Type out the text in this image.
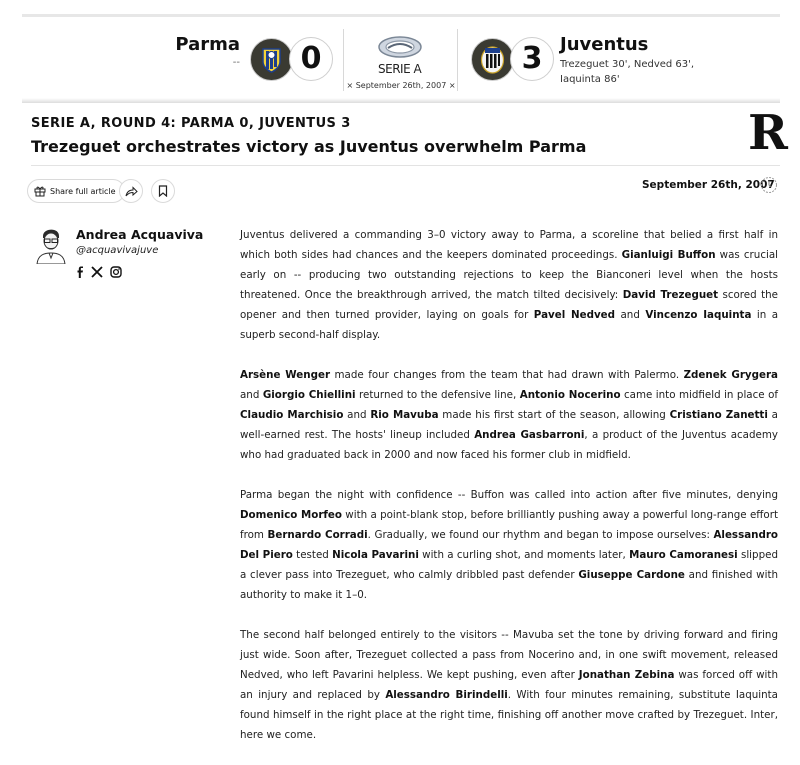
Parma
--	0	SERIE A
× September 26th, 2007 ×
3 Juventus
Trezeguet 30', Nedved 63', Iaquinta 86'
SERIE A, ROUND 4: PARMA 0, JUVENTUS 3
Trezeguet orchestrates victory as Juventus overwhelm Parma	R
Share full article	September 26th, 2007
Andrea Acquaviva
@acquavivajuve

Juventus delivered a commanding 3–0 victory away to Parma, a scoreline that belied a first half in which both sides had chances and the keepers dominated proceedings. Gianluigi Buffon was crucial early on -- producing two outstanding rejections to keep the Bianconeri level when the hosts threatened. Once the breakthrough arrived, the match tilted decisively: David Trezeguet scored the opener and then turned provider, laying on goals for Pavel Nedved and Vincenzo Iaquinta in a superb second-half display.

Arsène Wenger made four changes from the team that had drawn with Palermo. Zdenek Grygera and Giorgio Chiellini returned to the defensive line, Antonio Nocerino came into midfield in place of Claudio Marchisio and Rio Mavuba made his first start of the season, allowing Cristiano Zanetti a well-earned rest. The hosts' lineup included Andrea Gasbarroni, a product of the Juventus academy who had graduated back in 2000 and now faced his former club in midfield.

Parma began the night with confidence -- Buffon was called into action after five minutes, denying Domenico Morfeo with a point-blank stop, before brilliantly pushing away a powerful long-range effort from Bernardo Corradi. Gradually, we found our rhythm and began to impose ourselves: Alessandro Del Piero tested Nicola Pavarini with a curling shot, and moments later, Mauro Camoranesi slipped a clever pass into Trezeguet, who calmly dribbled past defender Giuseppe Cardone and finished with authority to make it 1–0.

The second half belonged entirely to the visitors -- Mavuba set the tone by driving forward and firing just wide. Soon after, Trezeguet collected a pass from Nocerino and, in one swift movement, released Nedved, who left Pavarini helpless. We kept pushing, even after Jonathan Zebina was forced off with an injury and replaced by Alessandro Birindelli. With four minutes remaining, substitute Iaquinta found himself in the right place at the right time, finishing off another move crafted by Trezeguet. Inter, here we come.
